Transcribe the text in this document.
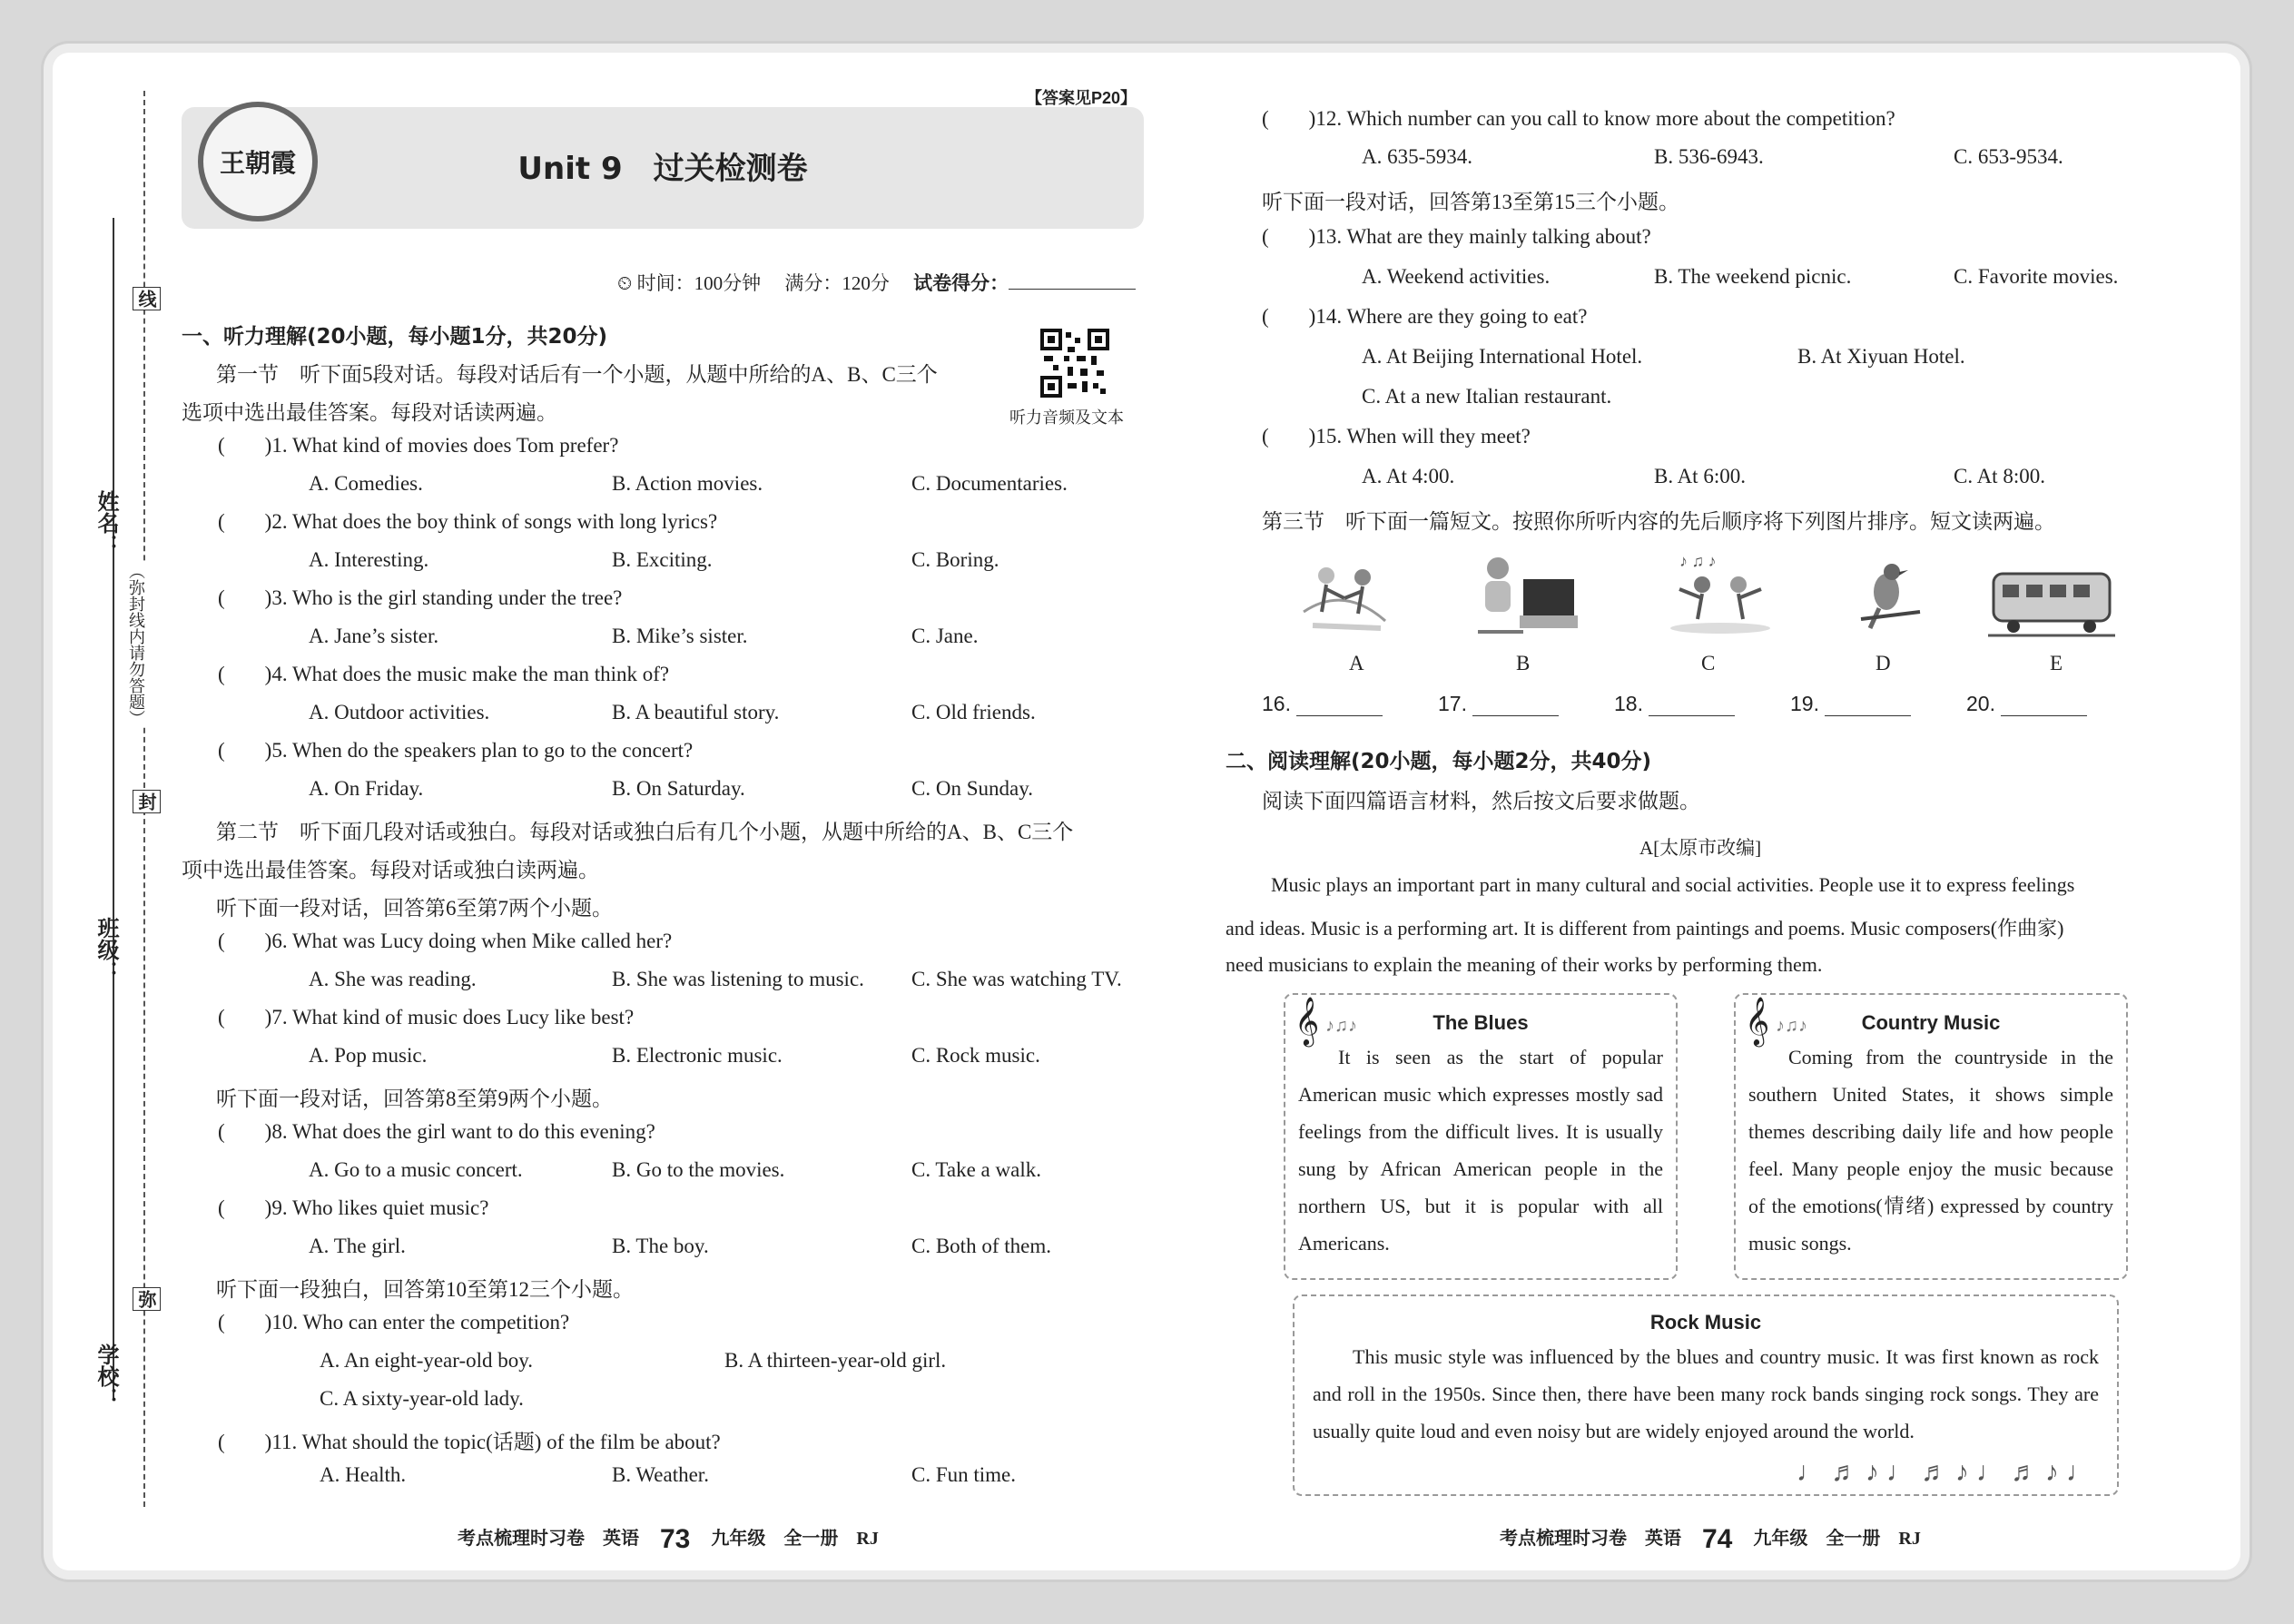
线
姓名：
（弥封线内请勿答题）
封
班级：
弥
学校：
【答案见P20】
王朝霞	Unit 9　过关检测卷
⏲ 时间：100分钟　 满分：120分　 试卷得分：
一、听力理解(20小题，每小题1分，共20分)
第一节　听下面5段对话。每段对话后有一个小题，从题中所给的A、B、C三个
选项中选出最佳答案。每段对话读两遍。	听力音频及文本
( )1. What kind of movies does Tom prefer?
A. Comedies.	B. Action movies.	C. Documentaries.
( )2. What does the boy think of songs with long lyrics?
A. Interesting.	B. Exciting.	C. Boring.
( )3. Who is the girl standing under the tree?
A. Jane’s sister.	B. Mike’s sister.	C. Jane.
( )4. What does the music make the man think of?
A. Outdoor activities.	B. A beautiful story.	C. Old friends.
( )5. When do the speakers plan to go to the concert?
A. On Friday.	B. On Saturday.	C. On Sunday.
第二节　听下面几段对话或独白。每段对话或独白后有几个小题，从题中所给的A、B、C三个
项中选出最佳答案。每段对话或独白读两遍。
听下面一段对话，回答第6至第7两个小题。
( )6. What was Lucy doing when Mike called her?
A. She was reading.	B. She was listening to music. C. She was watching TV.
( )7. What kind of music does Lucy like best?
A. Pop music.	B. Electronic music.	C. Rock music.
听下面一段对话，回答第8至第9两个小题。
( )8. What does the girl want to do this evening?
A. Go to a music concert.	B. Go to the movies.	C. Take a walk.
( )9. Who likes quiet music?
A. The girl.	B. The boy.	C. Both of them.
听下面一段独白，回答第10至第12三个小题。
( )10. Who can enter the competition?
A. An eight-year-old boy.	B. A thirteen-year-old girl.
C. A sixty-year-old lady.
( )11. What should the topic(话题) of the film be about?
A. Health.	B. Weather.	C. Fun time.
( )12. Which number can you call to know more about the competition?
A. 635-5934.	B. 536-6943.	C. 653-9534.
听下面一段对话，回答第13至第15三个小题。
( )13. What are they mainly talking about?
A. Weekend activities.	B. The weekend picnic.	C. Favorite movies.
( )14. Where are they going to eat?
A. At Beijing International Hotel.	B. At Xiyuan Hotel.
C. At a new Italian restaurant.
( )15. When will they meet?
A. At 4:00.	B. At 6:00.	C. At 8:00.
第三节　听下面一篇短文。按照你所听内容的先后顺序将下列图片排序。短文读两遍。
♪ ♫ ♪
A	B	C	D	E
16.	17.	18.	19.	20.
二、阅读理解(20小题，每小题2分，共40分)
阅读下面四篇语言材料，然后按文后要求做题。
A[太原市改编]
Music plays an important part in many cultural and social activities. People use it to express feelings
and ideas. Music is a performing art. It is different from paintings and poems. Music composers(作曲家)
need musicians to explain the meaning of their works by performing them.
𝄞 ♪♫♪	The Blues
It is seen as the start of popular American music which expresses mostly sad feelings from the difficult lives. It is usually sung by African American people in the northern US, but it is popular with all Americans.
𝄞 ♪♫♪	Country Music
Coming from the countryside in the southern United States, it shows simple themes describing daily life and how people feel. Many people enjoy the music because of the emotions(情绪) expressed by country music songs.
Rock Music
This music style was influenced by the blues and country music. It was first known as rock and roll in the 1950s. Since then, there have been many rock bands singing rock songs. They are usually quite loud and even noisy but are widely enjoyed around the world.
♩♬♪♩♬♪♩♬♪♩
考点梳理时习卷　英语 73 九年级　全一册　RJ	考点梳理时习卷　英语 74 九年级　全一册　RJ
